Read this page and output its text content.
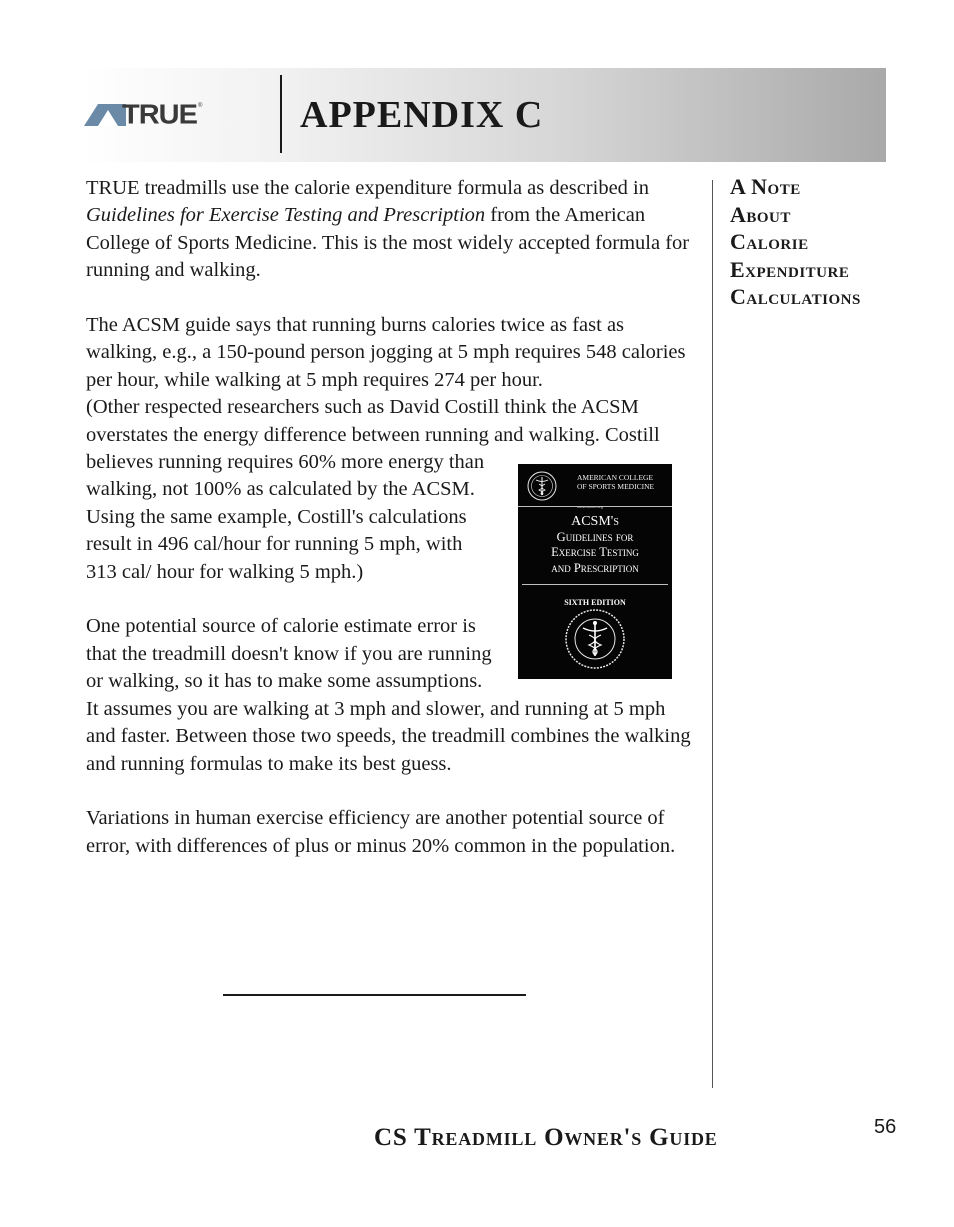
TRUE ®	APPENDIX C

TRUE treadmills use the calorie expenditure formula as described in Guidelines for Exercise Testing and Prescription from the American College of Sports Medicine. This is the most widely accepted formula for running and walking.

The ACSM guide says that running burns calories twice as fast as walking, e.g., a 150-pound person jogging at 5 mph requires 548 calories per hour, while walking at 5 mph requires 274 per hour.

(Other respected researchers such as David Costill think the ACSM overstates the energy difference between running and walking.
AMERICAN COLLEGE
OF SPORTS MEDICINE
www.acsm.org
ACSM's
Guidelines for
Exercise Testing
and Prescription
SIXTH EDITION
Costill believes running requires 60% more energy than walking, not 100% as calculated by the ACSM. Using the same example, Costill's calculations result in 496 cal/hour for running 5 mph, with 313 cal/ hour for walking 5 mph.)

One potential source of calorie estimate error is that the treadmill doesn't know if you are running or walking, so it has to make some assumptions. It assumes you are walking at 3 mph and slower, and running at 5 mph and faster. Between those two speeds, the treadmill combines the walking and running formulas to make its best guess.

Variations in human exercise efficiency are another potential source of error, with differences of plus or minus 20% common in the population.

A Note
About
Calorie
Expenditure
Calculations
CS Treadmill Owner's Guide	56
